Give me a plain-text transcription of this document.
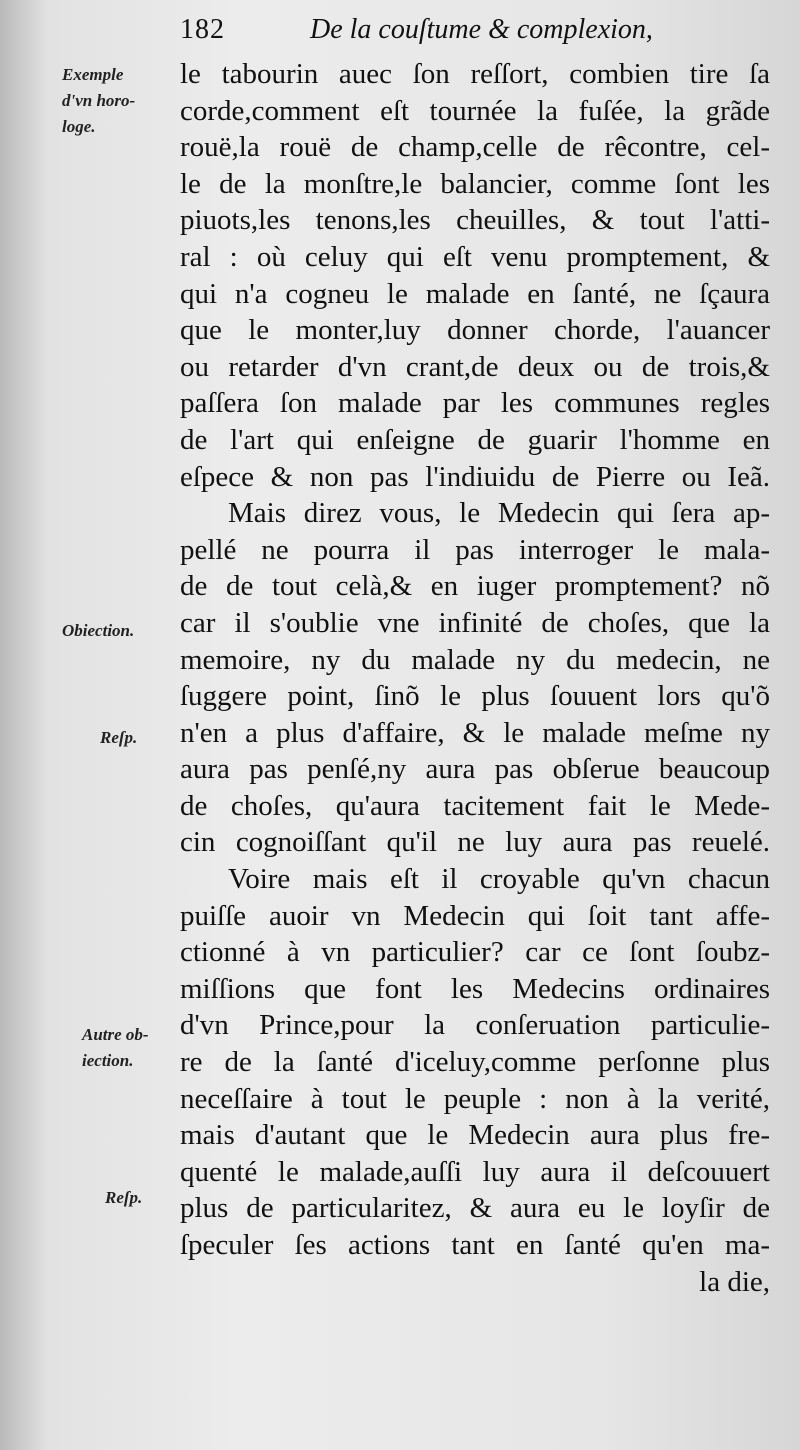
182	De la couſtume & complexion,
Exemple
d'vn horo-
loge.
Obiection.
Reſp.
Autre ob-
iection.
Reſp.
le tabourin auec ſon reſſort, combien tire ſa
corde,comment eſt tournée la fuſée, la grãde
rouë,la rouë de champ,celle de rêcontre, cel-
le de la monſtre,le balancier, comme ſont les
piuots,les tenons,les cheuilles, & tout l'atti-
ral : où celuy qui eſt venu promptement, &
qui n'a cogneu le malade en ſanté, ne ſçaura
que le monter,luy donner chorde, l'auancer
ou retarder d'vn crant,de deux ou de trois,&
paſſera ſon malade par les communes regles
de l'art qui enſeigne de guarir l'homme en
eſpece & non pas l'indiuidu de Pierre ou Ieã.
Mais direz vous, le Medecin qui ſera ap-
pellé ne pourra il pas interroger le mala-
de de tout celà,& en iuger promptement? nõ
car il s'oublie vne infinité de choſes, que la
memoire, ny du malade ny du medecin, ne
ſuggere point, ſinõ le plus ſouuent lors qu'õ
n'en a plus d'affaire, & le malade meſme ny
aura pas penſé,ny aura pas obſerue beaucoup
de choſes, qu'aura tacitement fait le Mede-
cin cognoiſſant qu'il ne luy aura pas reuelé.
Voire mais eſt il croyable qu'vn chacun
puiſſe auoir vn Medecin qui ſoit tant affe-
ctionné à vn particulier? car ce ſont ſoubz-
miſſions que font les Medecins ordinaires
d'vn Prince,pour la conſeruation particulie-
re de la ſanté d'iceluy,comme perſonne plus
neceſſaire à tout le peuple : non à la verité,
mais d'autant que le Medecin aura plus fre-
quenté le malade,auſſi luy aura il deſcouuert
plus de particularitez, & aura eu le loyſir de
ſpeculer ſes actions tant en ſanté qu'en ma-
la die,
